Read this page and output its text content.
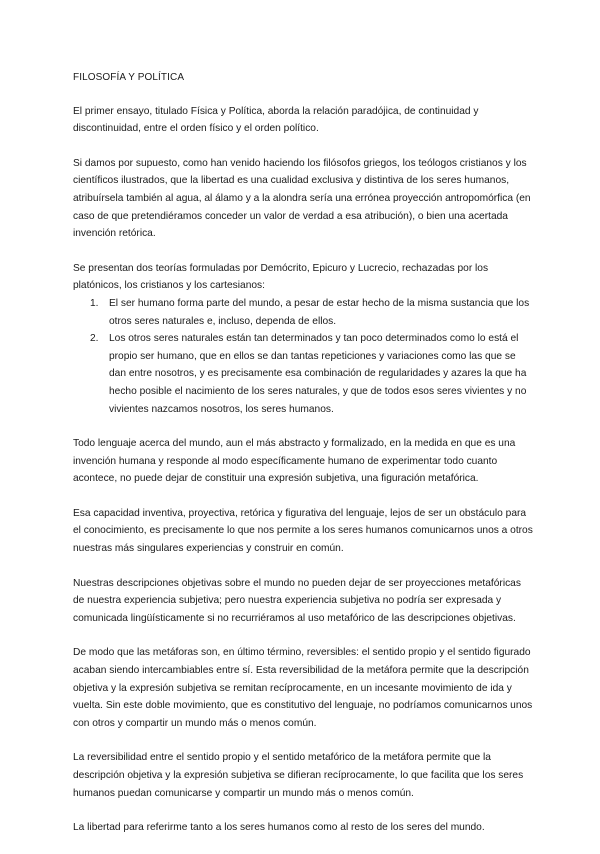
FILOSOFÍA Y POLÍTICA

El primer ensayo, titulado Física y Política, aborda la relación paradójica, de continuidad y discontinuidad, entre el orden físico y el orden político.

Si damos por supuesto, como han venido haciendo los filósofos griegos, los teólogos cristianos y los científicos ilustrados, que la libertad es una cualidad exclusiva y distintiva de los seres humanos, atribuírsela también al agua, al álamo y a la alondra sería una errónea proyección antropomórfica (en caso de que pretendiéramos conceder un valor de verdad a esa atribución), o bien una acertada invención retórica.

Se presentan dos teorías formuladas por Demócrito, Epicuro y Lucrecio, rechazadas por los platónicos, los cristianos y los cartesianos:

1. El ser humano forma parte del mundo, a pesar de estar hecho de la misma sustancia que los otros seres naturales e, incluso, dependa de ellos.
2. Los otros seres naturales están tan determinados y tan poco determinados como lo está el propio ser humano, que en ellos se dan tantas repeticiones y variaciones como las que se dan entre nosotros, y es precisamente esa combinación de regularidades y azares la que ha hecho posible el nacimiento de los seres naturales, y que de todos esos seres vivientes y no vivientes nazcamos nosotros, los seres humanos.

Todo lenguaje acerca del mundo, aun el más abstracto y formalizado, en la medida en que es una invención humana y responde al modo específicamente humano de experimentar todo cuanto acontece, no puede dejar de constituir una expresión subjetiva, una figuración metafórica.

Esa capacidad inventiva, proyectiva, retórica y figurativa del lenguaje, lejos de ser un obstáculo para el conocimiento, es precisamente lo que nos permite a los seres humanos comunicarnos unos a otros nuestras más singulares experiencias y construir en común.

Nuestras descripciones objetivas sobre el mundo no pueden dejar de ser proyecciones metafóricas de nuestra experiencia subjetiva; pero nuestra experiencia subjetiva no podría ser expresada y comunicada lingüísticamente si no recurriéramos al uso metafórico de las descripciones objetivas.

De modo que las metáforas son, en último término, reversibles: el sentido propio y el sentido figurado acaban siendo intercambiables entre sí. Esta reversibilidad de la metáfora permite que la descripción objetiva y la expresión subjetiva se remitan recíprocamente, en un incesante movimiento de ida y vuelta. Sin este doble movimiento, que es constitutivo del lenguaje, no podríamos comunicarnos unos con otros y compartir un mundo más o menos común.

La reversibilidad entre el sentido propio y el sentido metafórico de la metáfora permite que la descripción objetiva y la expresión subjetiva se difieran recíprocamente, lo que facilita que los seres humanos puedan comunicarse y compartir un mundo más o menos común.

La libertad para referirme tanto a los seres humanos como al resto de los seres del mundo.
